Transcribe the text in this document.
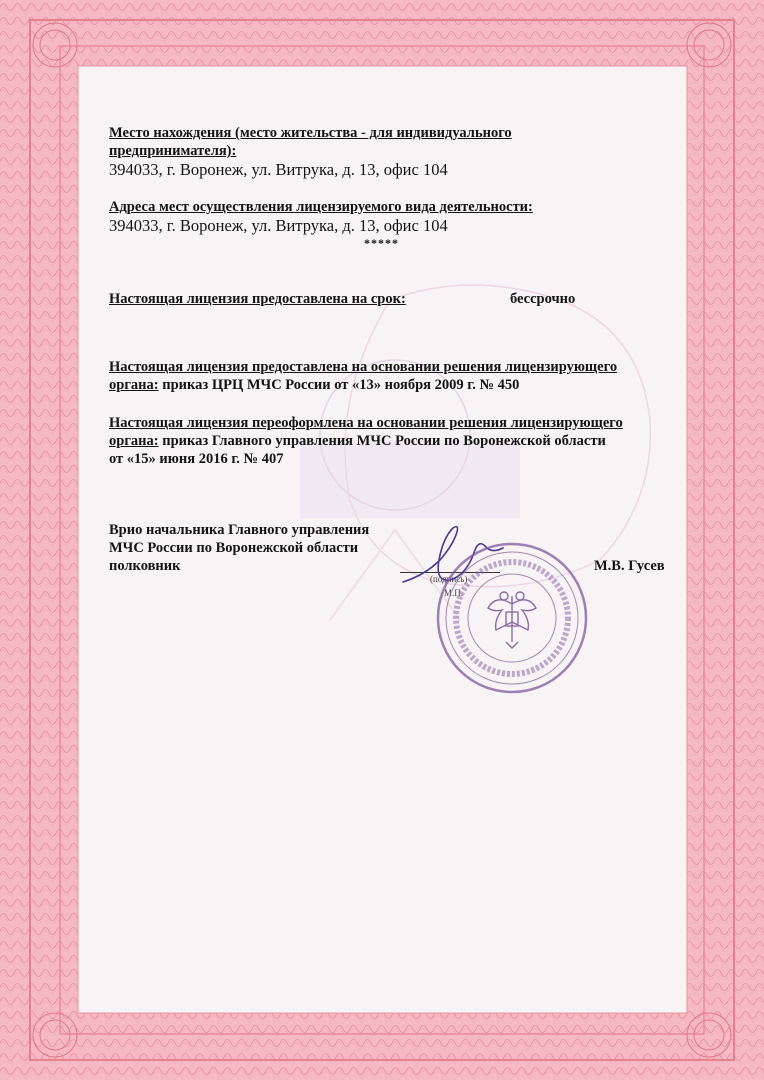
Место нахождения (место жительства - для индивидуального
предпринимателя):
394033, г. Воронеж, ул. Витрука, д. 13, офис 104
Адреса мест осуществления лицензируемого вида деятельности:
394033, г. Воронеж, ул. Витрука, д. 13, офис 104
*****
Настоящая лицензия предоставлена на срок:	бессрочно
Настоящая лицензия предоставлена на основании решения лицензирующего
органа: приказ ЦРЦ МЧС России от «13» ноября 2009 г. № 450
Настоящая лицензия переоформлена на основании решения лицензирующего
органа: приказ Главного управления МЧС России по Воронежской области
от «15» июня 2016 г. № 407
Врио начальника Главного управления
МЧС России по Воронежской области
полковник	М.В. Гусев
(подпись)
М.П.
